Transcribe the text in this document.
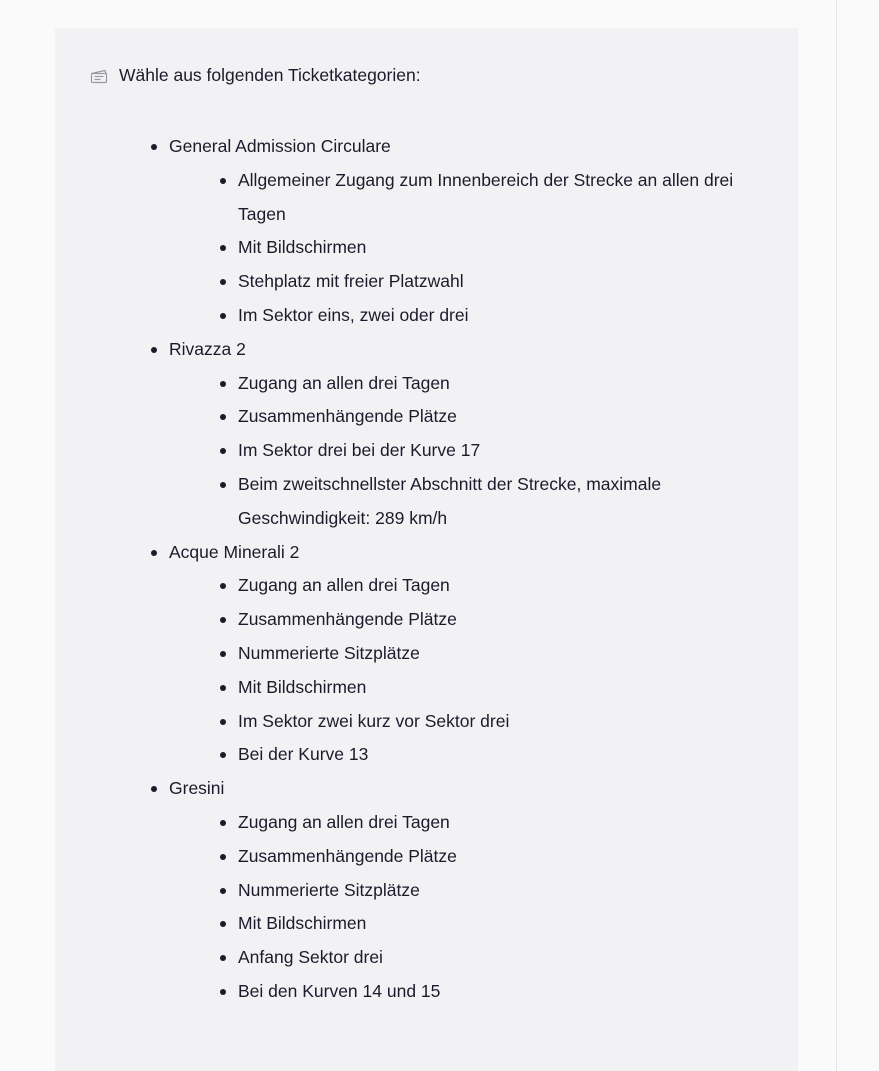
Wähle aus folgenden Ticketkategorien:
General Admission Circulare
Allgemeiner Zugang zum Innenbereich der Strecke an allen drei Tagen
Mit Bildschirmen
Stehplatz mit freier Platzwahl
Im Sektor eins, zwei oder drei
Rivazza 2
Zugang an allen drei Tagen
Zusammenhängende Plätze
Im Sektor drei bei der Kurve 17
Beim zweitschnellster Abschnitt der Strecke, maximale Geschwindigkeit: 289 km/h
Acque Minerali 2
Zugang an allen drei Tagen
Zusammenhängende Plätze
Nummerierte Sitzplätze
Mit Bildschirmen
Im Sektor zwei kurz vor Sektor drei
Bei der Kurve 13
Gresini
Zugang an allen drei Tagen
Zusammenhängende Plätze
Nummerierte Sitzplätze
Mit Bildschirmen
Anfang Sektor drei
Bei den Kurven 14 und 15
